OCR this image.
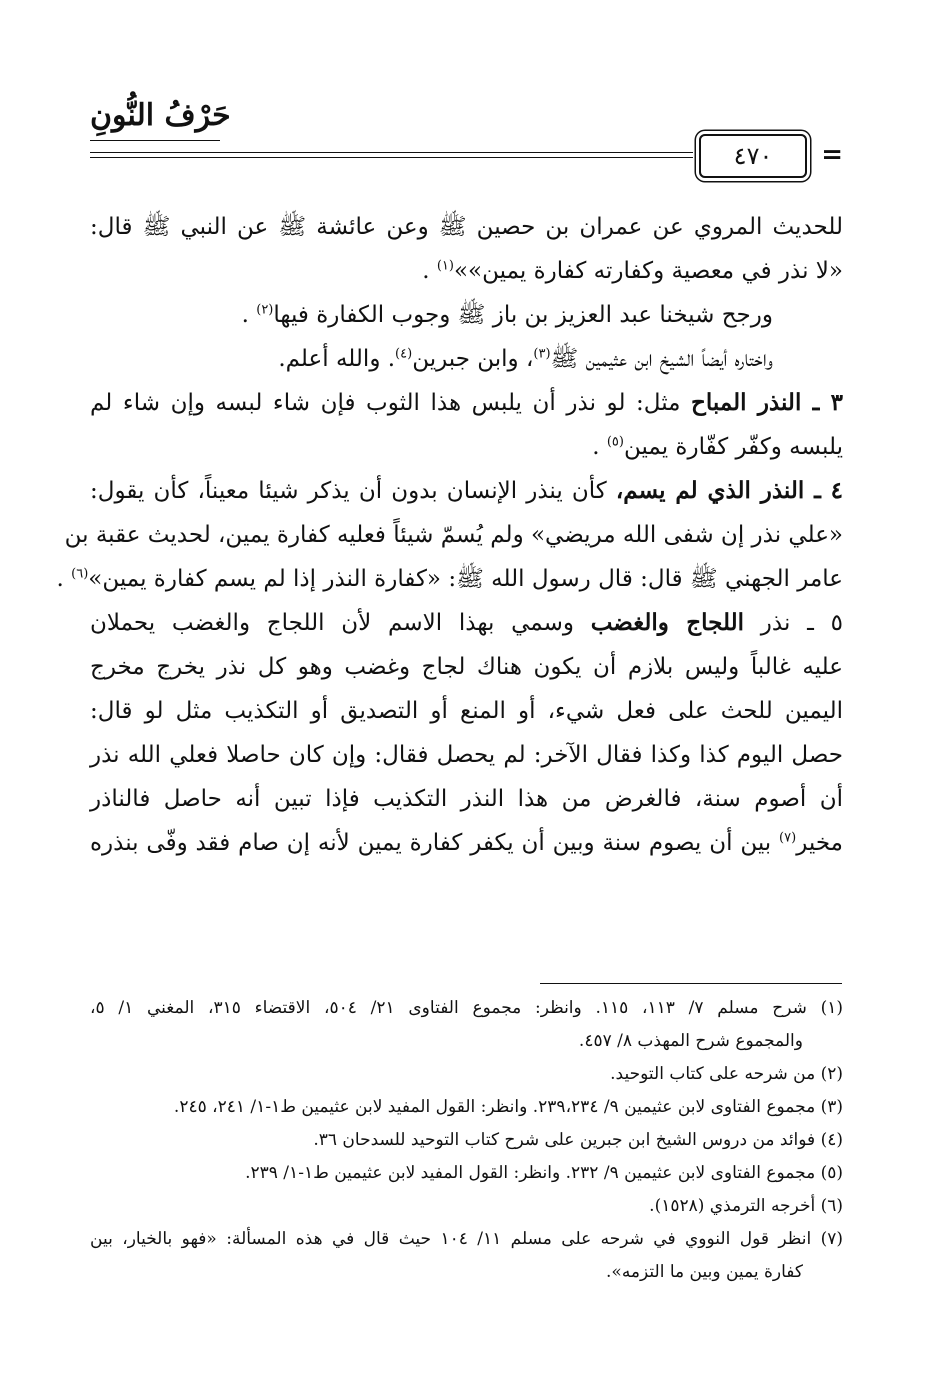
حَرْفُ النُّونِ
٤٧٠ =

للحديث المروي عن عمران بن حصين ﷺ وعن عائشة ﷺ عن النبي ﷺ قال:

«لا نذر في معصية وكفارته كفارة يمين»»$^{(١)}$ .

ورجح شيخنا عبد العزيز بن باز ﷺ وجوب الكفارة فيها$^{(٢)}$ .

واختاره أيضاً الشيخ ابن عثيمين ﷺ$^{(٣)}$، وابن جبرين$^{(٤)}$. والله أعلم.

٣ ـ النذر المباح مثل: لو نذر أن يلبس هذا الثوب فإن شاء لبسه وإن شاء لم

يلبسه وكفّر كفّارة يمين$^{(٥)}$ .

٤ ـ النذر الذي لم يسم، كأن ينذر الإنسان بدون أن يذكر شيئا معيناً، كأن يقول:

«علي نذر إن شفى الله مريضي» ولم يُسمّ شيئاً فعليه كفارة يمين، لحديث عقبة بن

عامر الجهني ﷺ قال: قال رسول الله ﷺ: «كفارة النذر إذا لم يسم كفارة يمين»$^{(٦)}$ .

٥ ـ نذر اللجاج والغضب وسمي بهذا الاسم لأن اللجاج والغضب يحملان

عليه غالباً وليس بلازم أن يكون هناك لجاج وغضب وهو كل نذر يخرج مخرج

اليمين للحث على فعل شيء، أو المنع أو التصديق أو التكذيب مثل لو قال:

حصل اليوم كذا وكذا فقال الآخر: لم يحصل فقال: وإن كان حاصلا فعلي الله نذر

أن أصوم سنة، فالغرض من هذا النذر التكذيب فإذا تبين أنه حاصل فالناذر

مخير$^{(٧)}$ بين أن يصوم سنة وبين أن يكفر كفارة يمين لأنه إن صام فقد وفّى بنذره

(١) شرح مسلم ٧/ ١١٣، ١١٥. وانظر: مجموع الفتاوى ٢١/ ٥٠٤، الاقتضاء ٣١٥، المغني ١/ ٥،

والمجموع شرح المهذب ٨/ ٤٥٧.

(٢) من شرحه على كتاب التوحيد.

(٣) مجموع الفتاوى لابن عثيمين ٩/ ٢٣٩،٢٣٤. وانظر: القول المفيد لابن عثيمين ط١-١/ ٢٤١، ٢٤٥.

(٤) فوائد من دروس الشيخ ابن جبرين على شرح كتاب التوحيد للسدحان ٣٦.

(٥) مجموع الفتاوى لابن عثيمين ٩/ ٢٣٢. وانظر: القول المفيد لابن عثيمين ط١-١/ ٢٣٩.

(٦) أخرجه الترمذي (١٥٢٨).

(٧) انظر قول النووي في شرحه على مسلم ١١/ ١٠٤ حيث قال في هذه المسألة: «فهو بالخيار، بين

كفارة يمين وبين ما التزمه».
